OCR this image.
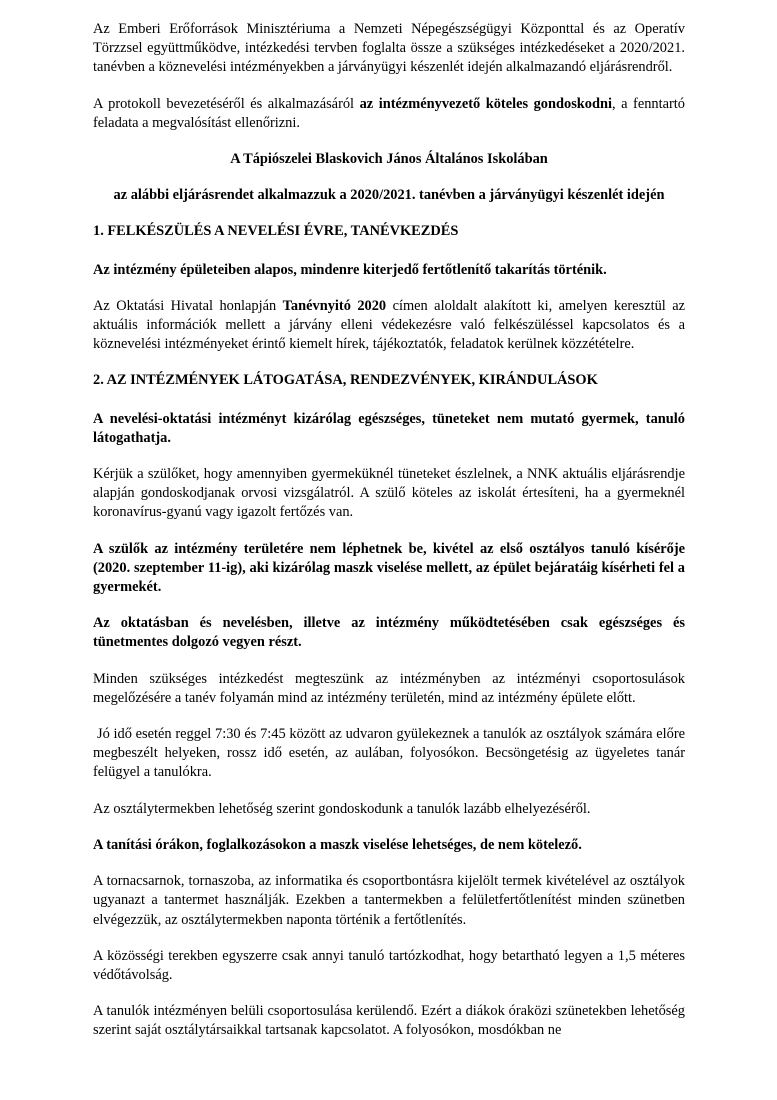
Az Emberi Erőforrások Minisztériuma a Nemzeti Népegészségügyi Központtal és az Operatív Törzzsel együttműködve, intézkedési tervben foglalta össze a szükséges intézkedéseket a 2020/2021. tanévben a köznevelési intézményekben a járványügyi készenlét idején alkalmazandó eljárásrendről.

A protokoll bevezetéséről és alkalmazásáról az intézményvezető köteles gondoskodni, a fenntartó feladata a megvalósítást ellenőrizni.

A Tápiószelei Blaskovich János Általános Iskolában

az alábbi eljárásrendet alkalmazzuk a 2020/2021. tanévben a járványügyi készenlét idején

1. FELKÉSZÜLÉS A NEVELÉSI ÉVRE, TANÉVKEZDÉS

Az intézmény épületeiben alapos, mindenre kiterjedő fertőtlenítő takarítás történik.

Az Oktatási Hivatal honlapján Tanévnyitó 2020 címen aloldalt alakított ki, amelyen keresztül az aktuális információk mellett a járvány elleni védekezésre való felkészüléssel kapcsolatos és a köznevelési intézményeket érintő kiemelt hírek, tájékoztatók, feladatok kerülnek közzétételre.

2. AZ INTÉZMÉNYEK LÁTOGATÁSA, RENDEZVÉNYEK, KIRÁNDULÁSOK

A nevelési-oktatási intézményt kizárólag egészséges, tüneteket nem mutató gyermek, tanuló látogathatja.

Kérjük a szülőket, hogy amennyiben gyermeküknél tüneteket észlelnek, a NNK aktuális eljárásrendje alapján gondoskodjanak orvosi vizsgálatról. A szülő köteles az iskolát értesíteni, ha a gyermeknél koronavírus-gyanú vagy igazolt fertőzés van.

A szülők az intézmény területére nem léphetnek be, kivétel az első osztályos tanuló kísérője (2020. szeptember 11-ig), aki kizárólag maszk viselése mellett, az épület bejáratáig kísérheti fel a gyermekét.

Az oktatásban és nevelésben, illetve az intézmény működtetésében csak egészséges és tünetmentes dolgozó vegyen részt.

Minden szükséges intézkedést megteszünk az intézményben az intézményi csoportosulások megelőzésére a tanév folyamán mind az intézmény területén, mind az intézmény épülete előtt.

Jó idő esetén reggel 7:30 és 7:45 között az udvaron gyülekeznek a tanulók az osztályok számára előre megbeszélt helyeken, rossz idő esetén, az aulában, folyosókon. Becsöngetésig az ügyeletes tanár felügyel a tanulókra.

Az osztálytermekben lehetőség szerint gondoskodunk a tanulók lazább elhelyezéséről.

A tanítási órákon, foglalkozásokon a maszk viselése lehetséges, de nem kötelező.

A tornacsarnok, tornaszoba, az informatika és csoportbontásra kijelölt termek kivételével az osztályok ugyanazt a tantermet használják. Ezekben a tantermekben a felületfertőtlenítést minden szünetben elvégezzük, az osztálytermekben naponta történik a fertőtlenítés.

A közösségi terekben egyszerre csak annyi tanuló tartózkodhat, hogy betartható legyen a 1,5 méteres védőtávolság.

A tanulók intézményen belüli csoportosulása kerülendő. Ezért a diákok óraközi szünetekben lehetőség szerint saját osztálytársaikkal tartsanak kapcsolatot. A folyosókon, mosdókban ne
